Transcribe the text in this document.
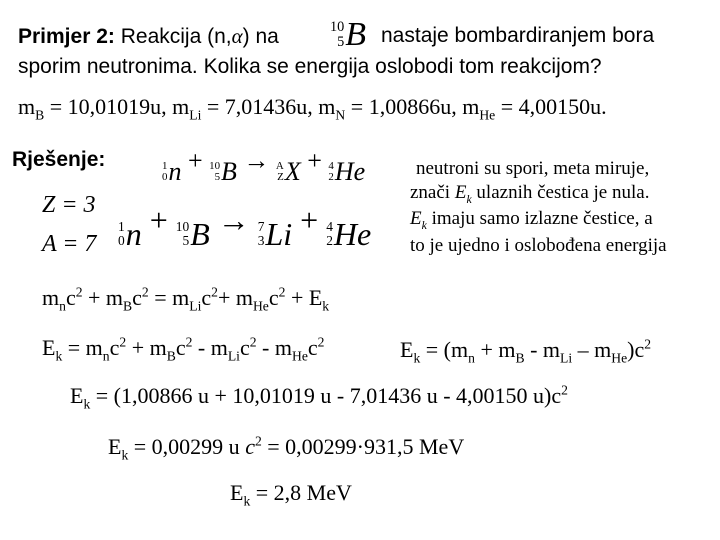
Primjer 2: Reakcija (n,α) na	10
5 B nastaje bombardiranjem bora
sporim neutronima. Kolika se energija oslobodi tom reakcijom?
$m_B = 10,01019u$, $m_{Li} = 7,01436u$, $m_N = 1,00866u$, $m_{He} = 4,00150u$.
Rješenje:	1
0 n + 10
5 B → A
Z X + 4
2 He
Z = 3
A = 7
1
0 n + 10
5 B → 7
3 Li + 4
2 He
neutroni su spori, meta miruje,
znači $E_k$ ulaznih čestica je nula.
$E_k$ imaju samo izlazne čestice, a
to je ujedno i oslobođena energija
$m_nc^2 + m_Bc^2 = m_{Li}c^2+ m_{He}c^2 + E_k$
$E_k = m_nc^2 + m_Bc^2 - m_{Li}c^2 - m_{He}c^2$	$E_k = (m_n + m_B - m_{Li} - m_{He})c^2$
$E_k = (1,00866$ u + 10,01019 u - 7,01436 u - 4,00150 $u)c^2$
$E_k = 0,00299$ u $c^2 = 0,00299\cdot 931,5$ MeV
$E_k = 2,8$ MeV
